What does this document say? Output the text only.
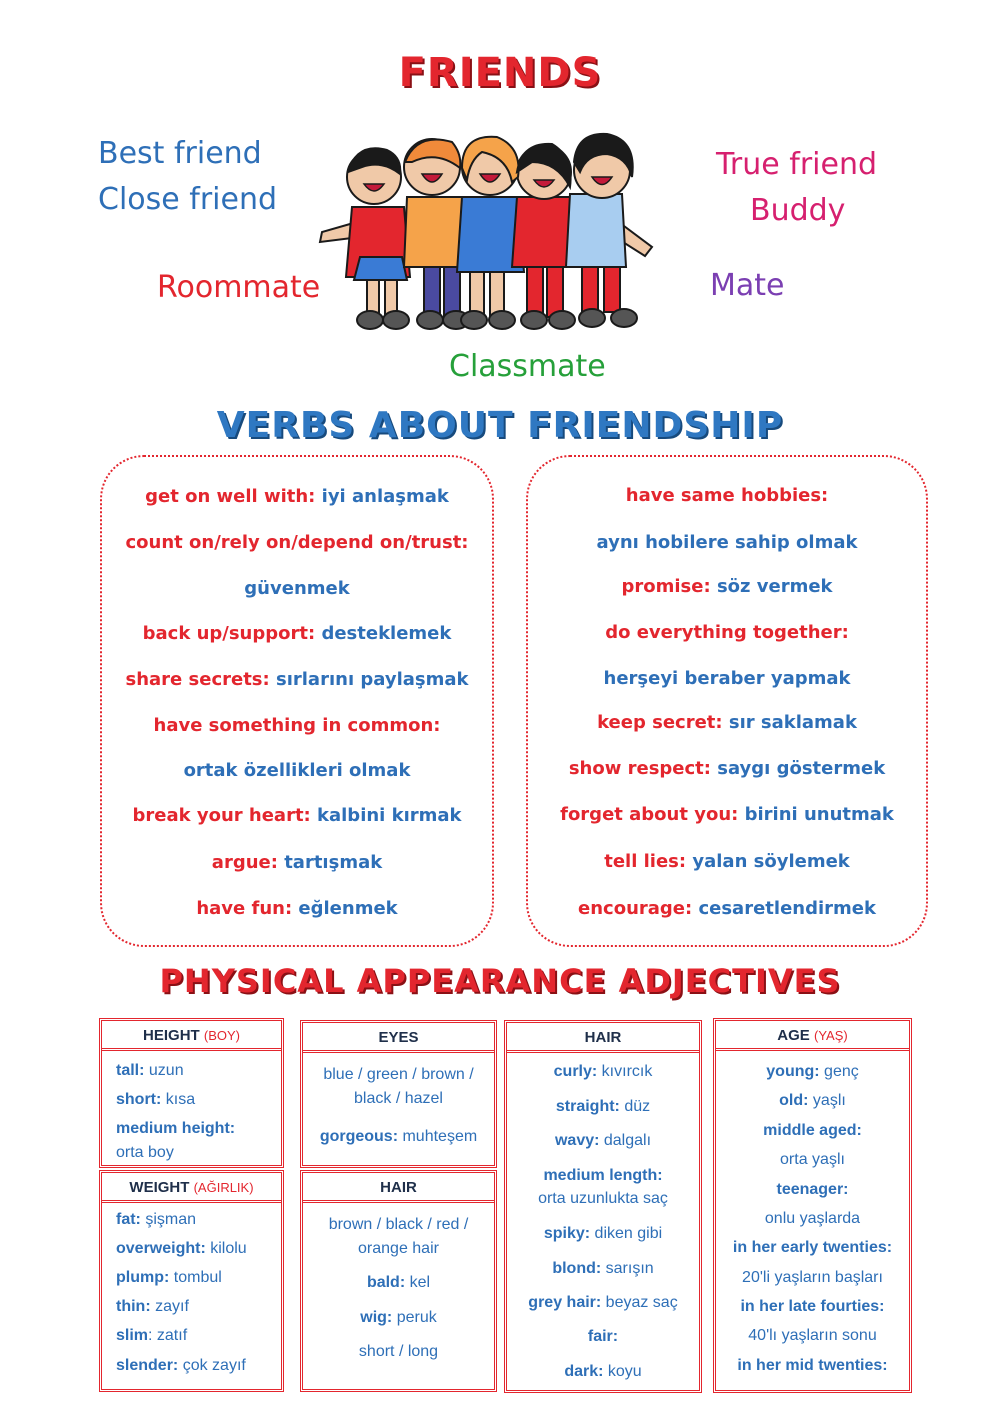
FRIENDS
Best friend
Close friend
True friend
Buddy
Roommate	Mate
Classmate
VERBS ABOUT FRIENDSHIP
get on well with: iyi anlaşmak
count on/rely on/depend on/trust:
güvenmek
back up/support: desteklemek
share secrets: sırlarını paylaşmak
have something in common:
ortak özellikleri olmak
break your heart: kalbini kırmak
argue: tartışmak
have fun: eğlenmek
have same hobbies:
aynı hobilere sahip olmak
promise: söz vermek
do everything together:
herşeyi beraber yapmak
keep secret: sır saklamak
show respect: saygı göstermek
forget about you: birini unutmak
tell lies: yalan söylemek
encourage: cesaretlendirmek
PHYSICAL APPEARANCE ADJECTIVES
HEIGHT (BOY)
tall: uzun
short: kısa
medium height:
orta boy
WEIGHT (AĞIRLIK)
fat: şişman
overweight: kilolu
plump: tombul
thin: zayıf
slim: zatıf
slender: çok zayıf
EYES
blue / green / brown /
black / hazel
gorgeous: muhteşem
HAIR
brown / black / red /
orange hair
bald: kel
wig: peruk
short / long
HAIR
curly: kıvırcık
straight: düz
wavy: dalgalı
medium length:
orta uzunlukta saç
spiky: diken gibi
blond: sarışın
grey hair: beyaz saç
fair:
dark: koyu
AGE (YAŞ)
young: genç
old: yaşlı
middle aged:
orta yaşlı
teenager:
onlu yaşlarda
in her early twenties:
20'li yaşların başları
in her late fourties:
40'lı yaşların sonu
in her mid twenties:
